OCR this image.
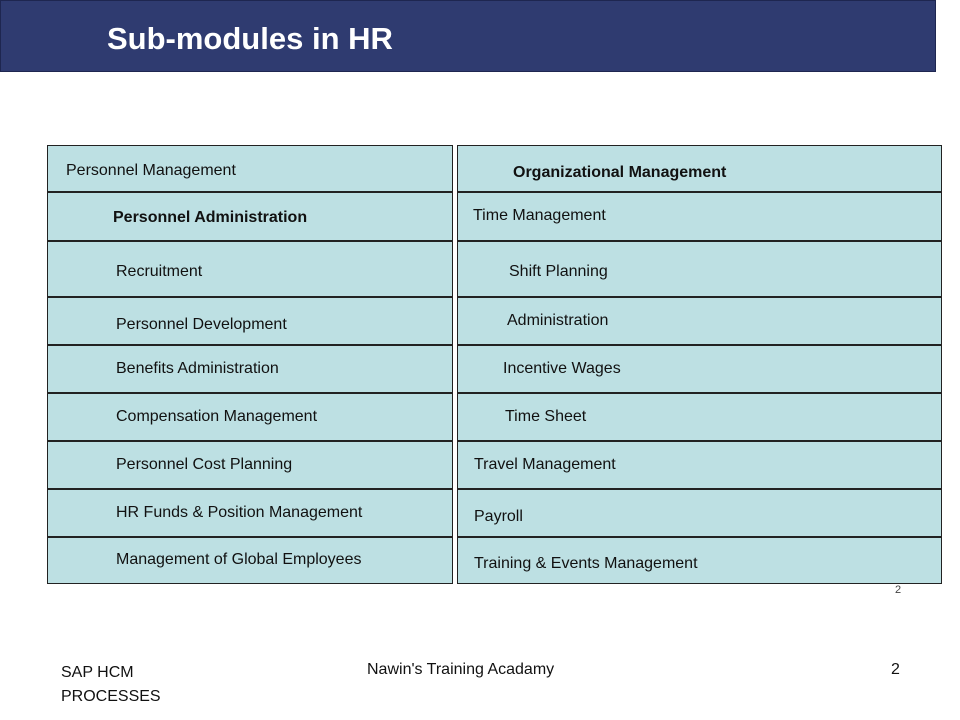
Sub-modules in HR
Personnel Management	Organizational Management
Personnel Administration	Time Management
Recruitment	Shift Planning
Personnel Development	Administration
Benefits Administration	Incentive Wages
Compensation Management	Time Sheet
Personnel Cost Planning	Travel Management
HR Funds & Position Management	Payroll
Management of Global Employees	Training & Events Management
2
SAP HCM PROCESSES
Nawin's Training Acadamy	2
